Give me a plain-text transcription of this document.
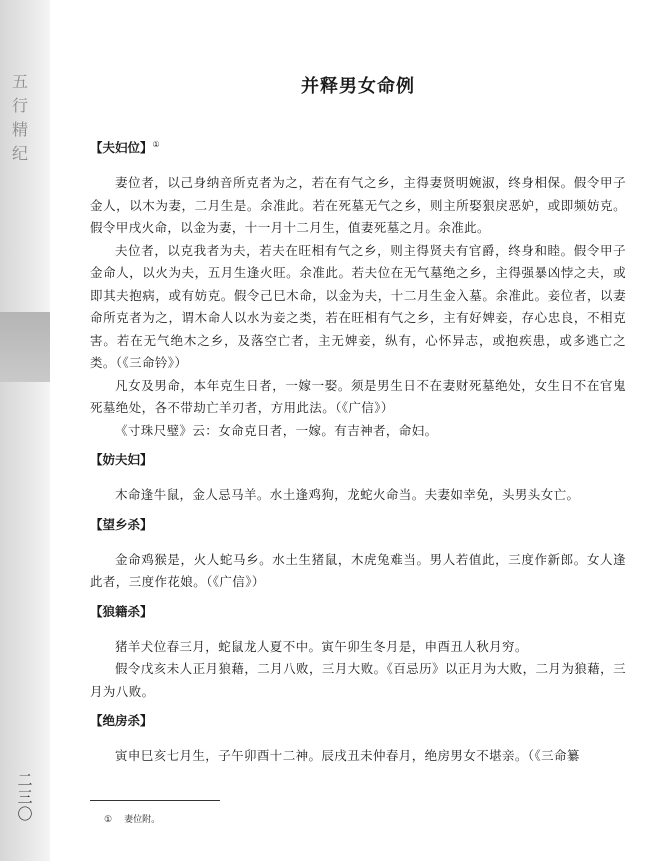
五
行
精
纪
二
三
〇
并释男女命例
【夫妇位】①

妻位者，以己身纳音所克者为之，若在有气之乡，主得妻贤明婉淑，终身相保。假令甲子金人，以木为妻，二月生是。余准此。若在死墓无气之乡，则主所娶狠戾恶妒，或即频妨克。假令甲戌火命，以金为妻，十一月十二月生，值妻死墓之月。余准此。

夫位者，以克我者为夫，若夫在旺相有气之乡，则主得贤夫有官爵，终身和睦。假令甲子金命人，以火为夫，五月生逢火旺。余准此。若夫位在无气墓绝之乡，主得强暴凶悖之夫，或即其夫抱病，或有妨克。假令己巳木命，以金为夫，十二月生金入墓。余准此。妾位者，以妻命所克者为之，谓木命人以水为妾之类，若在旺相有气之乡，主有好婢妾，存心忠良，不相克害。若在无气绝木之乡，及落空亡者，主无婢妾，纵有，心怀异志，或抱疾患，或多逃亡之类。（《三命钤》）

凡女及男命，本年克生日者，一嫁一娶。须是男生日不在妻财死墓绝处，女生日不在官鬼死墓绝处，各不带劫亡羊刃者，方用此法。（《广信》）

《寸珠尺璧》云：女命克日者，一嫁。有吉神者，命妇。

【妨夫妇】

木命逢牛鼠，金人忌马羊。水土逢鸡狗，龙蛇火命当。夫妻如幸免，头男头女亡。

【望乡杀】

金命鸡猴是，火人蛇马乡。水土生猪鼠，木虎兔难当。男人若值此，三度作新郎。女人逢此者，三度作花娘。（《广信》）

【狼籍杀】

猪羊犬位春三月，蛇鼠龙人夏不中。寅午卯生冬月是，申酉丑人秋月穷。

假令戊亥未人正月狼藉，二月八败，三月大败。《百忌历》以正月为大败，二月为狼藉，三月为八败。

【绝房杀】

寅申巳亥七月生，子午卯酉十二神。辰戌丑未仲春月，绝房男女不堪亲。（《三命纂

① 妻位附。
